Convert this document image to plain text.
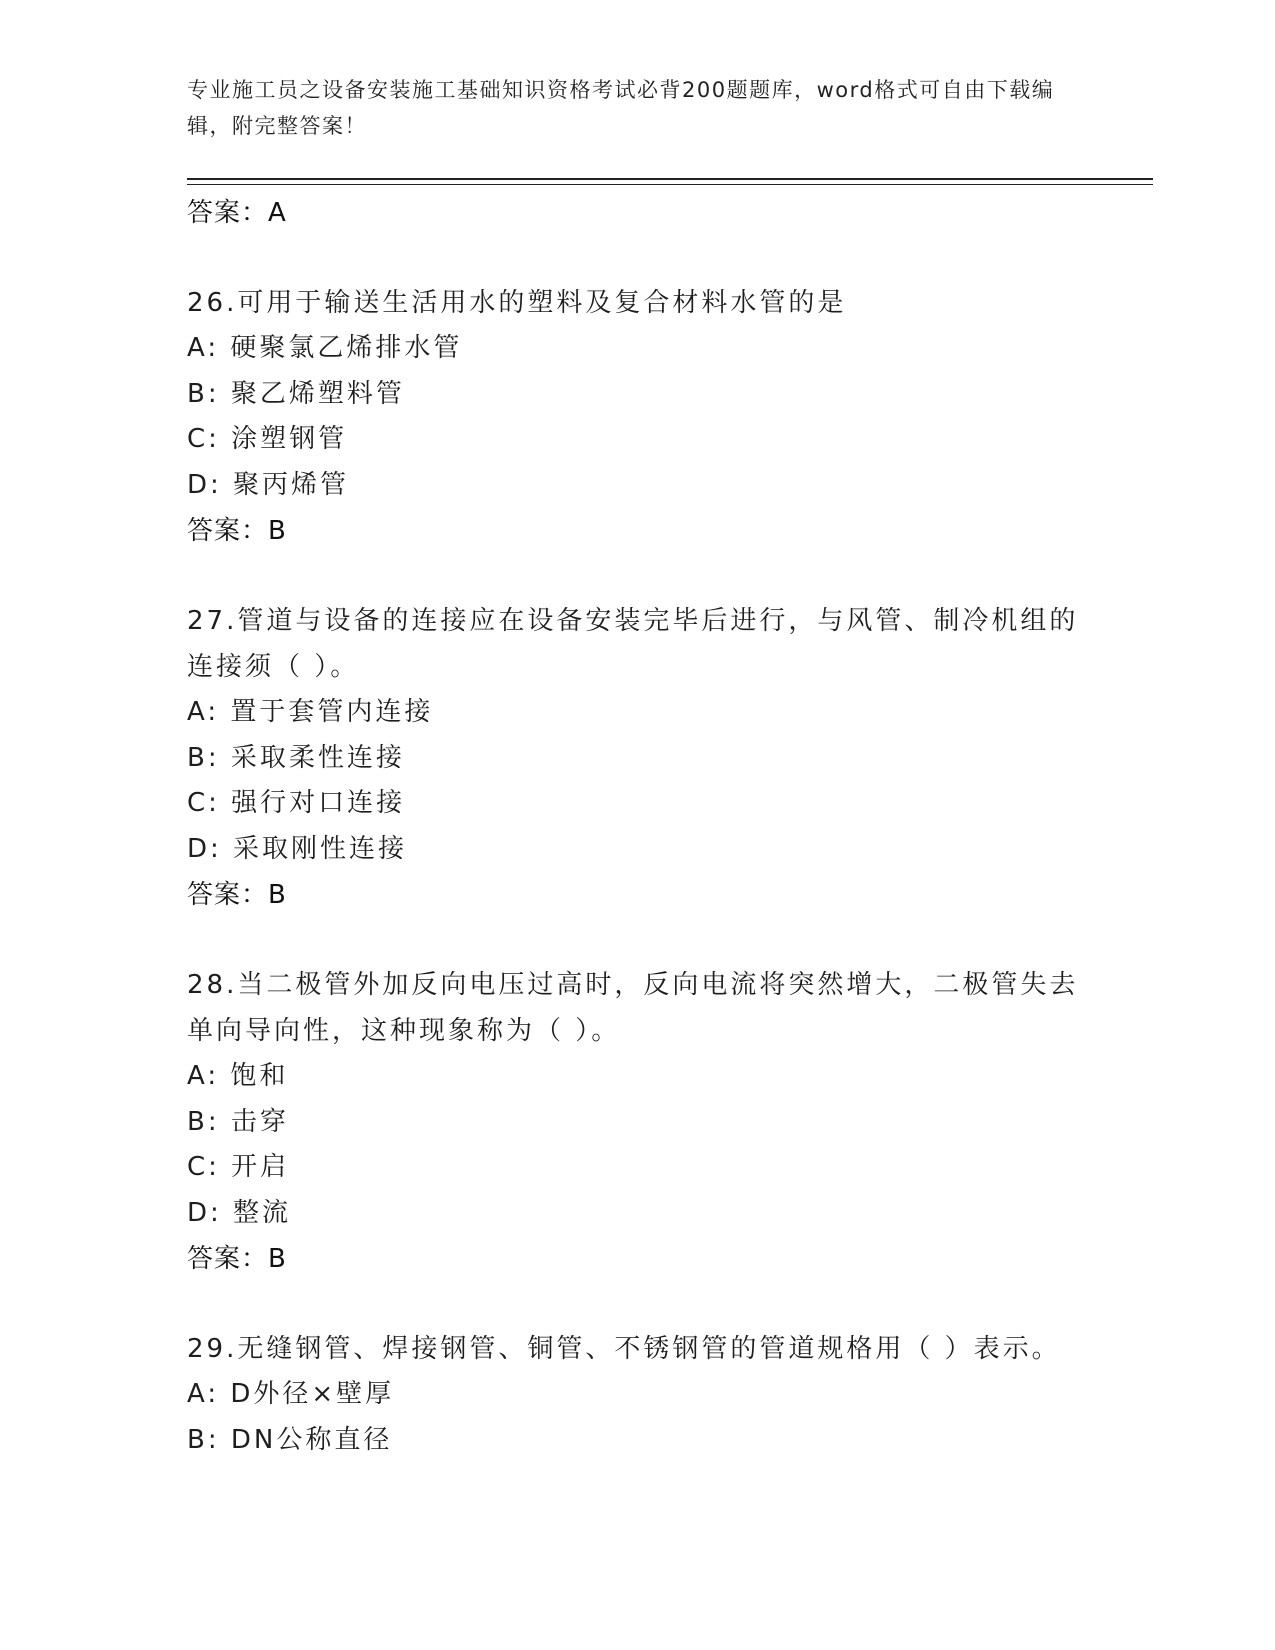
专业施工员之设备安装施工基础知识资格考试必背200题题库，word格式可自由下载编辑，附完整答案！
答案：A
26.可用于输送生活用水的塑料及复合材料水管的是
A: 硬聚氯乙烯排水管
B: 聚乙烯塑料管
C: 涂塑钢管
D: 聚丙烯管
答案：B
27.管道与设备的连接应在设备安装完毕后进行，与风管、制冷机组的连接须（ ）。
A: 置于套管内连接
B: 采取柔性连接
C: 强行对口连接
D: 采取刚性连接
答案：B
28.当二极管外加反向电压过高时，反向电流将突然增大，二极管失去单向导向性，这种现象称为（ ）。
A: 饱和
B: 击穿
C: 开启
D: 整流
答案：B
29.无缝钢管、焊接钢管、铜管、不锈钢管的管道规格用（ ）表示。
A: D外径×壁厚
B: DN公称直径
